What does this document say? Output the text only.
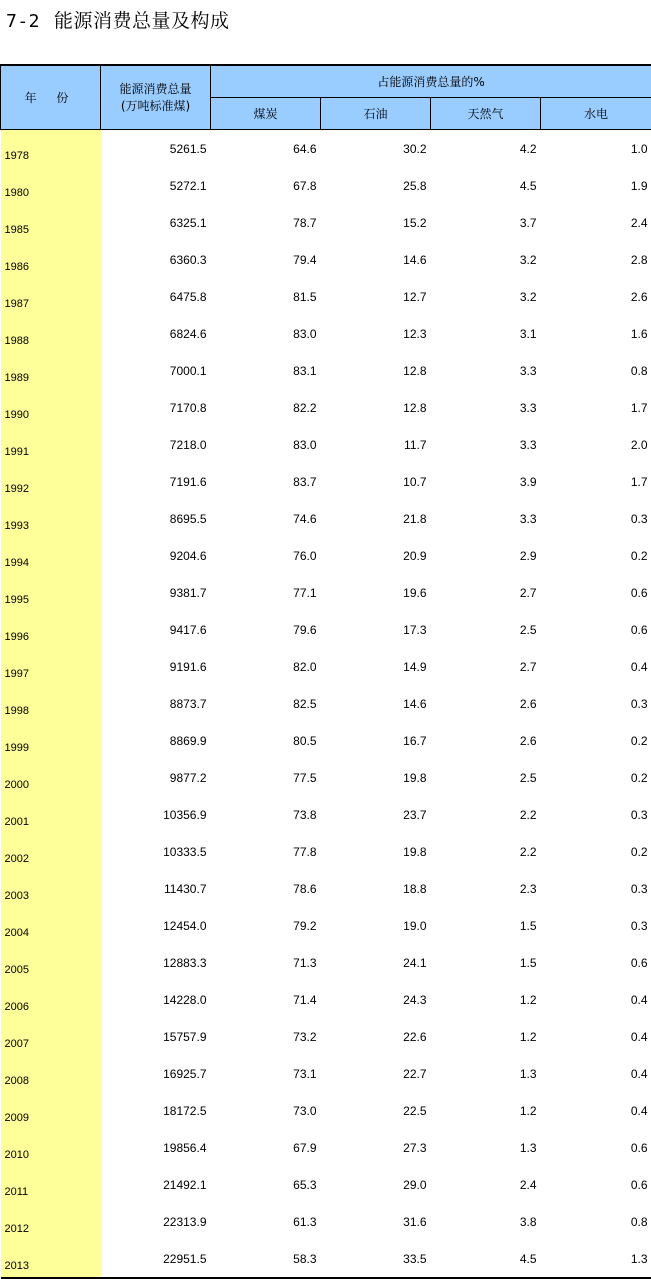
7-2 能源消费总量及构成
年 份	能源消费总量
(万吨标准煤)	占能源消费总量的%			
		煤炭	石油	天然气	水电
1978	5261.5	64.6	30.2	4.2	1.0
1980	5272.1	67.8	25.8	4.5	1.9
1985	6325.1	78.7	15.2	3.7	2.4
1986	6360.3	79.4	14.6	3.2	2.8
1987	6475.8	81.5	12.7	3.2	2.6
1988	6824.6	83.0	12.3	3.1	1.6
1989	7000.1	83.1	12.8	3.3	0.8
1990	7170.8	82.2	12.8	3.3	1.7
1991	7218.0	83.0	11.7	3.3	2.0
1992	7191.6	83.7	10.7	3.9	1.7
1993	8695.5	74.6	21.8	3.3	0.3
1994	9204.6	76.0	20.9	2.9	0.2
1995	9381.7	77.1	19.6	2.7	0.6
1996	9417.6	79.6	17.3	2.5	0.6
1997	9191.6	82.0	14.9	2.7	0.4
1998	8873.7	82.5	14.6	2.6	0.3
1999	8869.9	80.5	16.7	2.6	0.2
2000	9877.2	77.5	19.8	2.5	0.2
2001	10356.9	73.8	23.7	2.2	0.3
2002	10333.5	77.8	19.8	2.2	0.2
2003	11430.7	78.6	18.8	2.3	0.3
2004	12454.0	79.2	19.0	1.5	0.3
2005	12883.3	71.3	24.1	1.5	0.6
2006	14228.0	71.4	24.3	1.2	0.4
2007	15757.9	73.2	22.6	1.2	0.4
2008	16925.7	73.1	22.7	1.3	0.4
2009	18172.5	73.0	22.5	1.2	0.4
2010	19856.4	67.9	27.3	1.3	0.6
2011	21492.1	65.3	29.0	2.4	0.6
2012	22313.9	61.3	31.6	3.8	0.8
2013	22951.5	58.3	33.5	4.5	1.3
